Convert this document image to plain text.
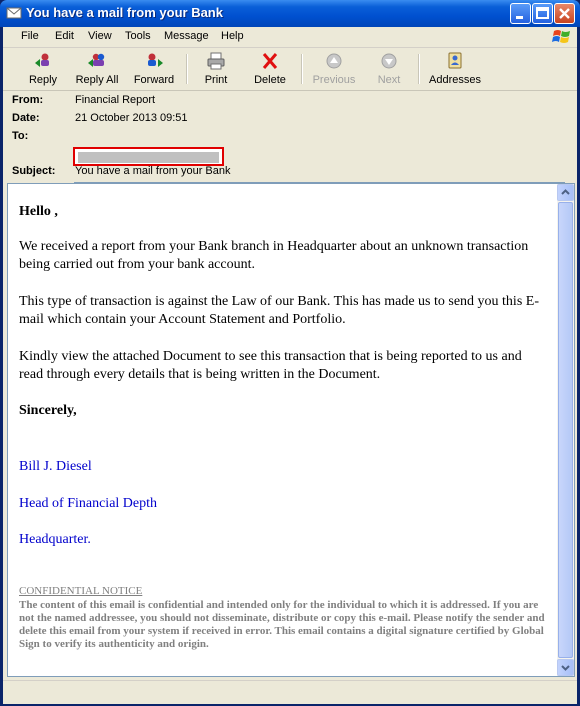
You have a mail from your Bank
File Edit View Tools Message Help
Reply	Reply All	Forward	Print	Delete	Previous	Next	Addresses
From:	Financial Report
Date:	21 October 2013 09:51
To:
Subject: You have a mail from your Bank
Hello ,
We received a report from your Bank branch in Headquarter about an unknown transaction being carried out from your bank account.
This type of transaction is against the Law of our Bank. This has made us to send you this E-mail which contain your Account Statement and Portfolio.
Kindly view the attached Document to see this transaction that is being reported to us and read through every details that is being written in the Document.
Sincerely,
Bill J. Diesel
Head of Financial Depth
Headquarter.
CONFIDENTIAL NOTICE
The content of this email is confidential and intended only for the individual to which it is addressed. If you are not the named addressee, you should not disseminate, distribute or copy this e-mail. Please notify the sender and delete this email from your system if received in error. This email contains a digital signature certified by Global Sign to verify its authenticity and origin.
